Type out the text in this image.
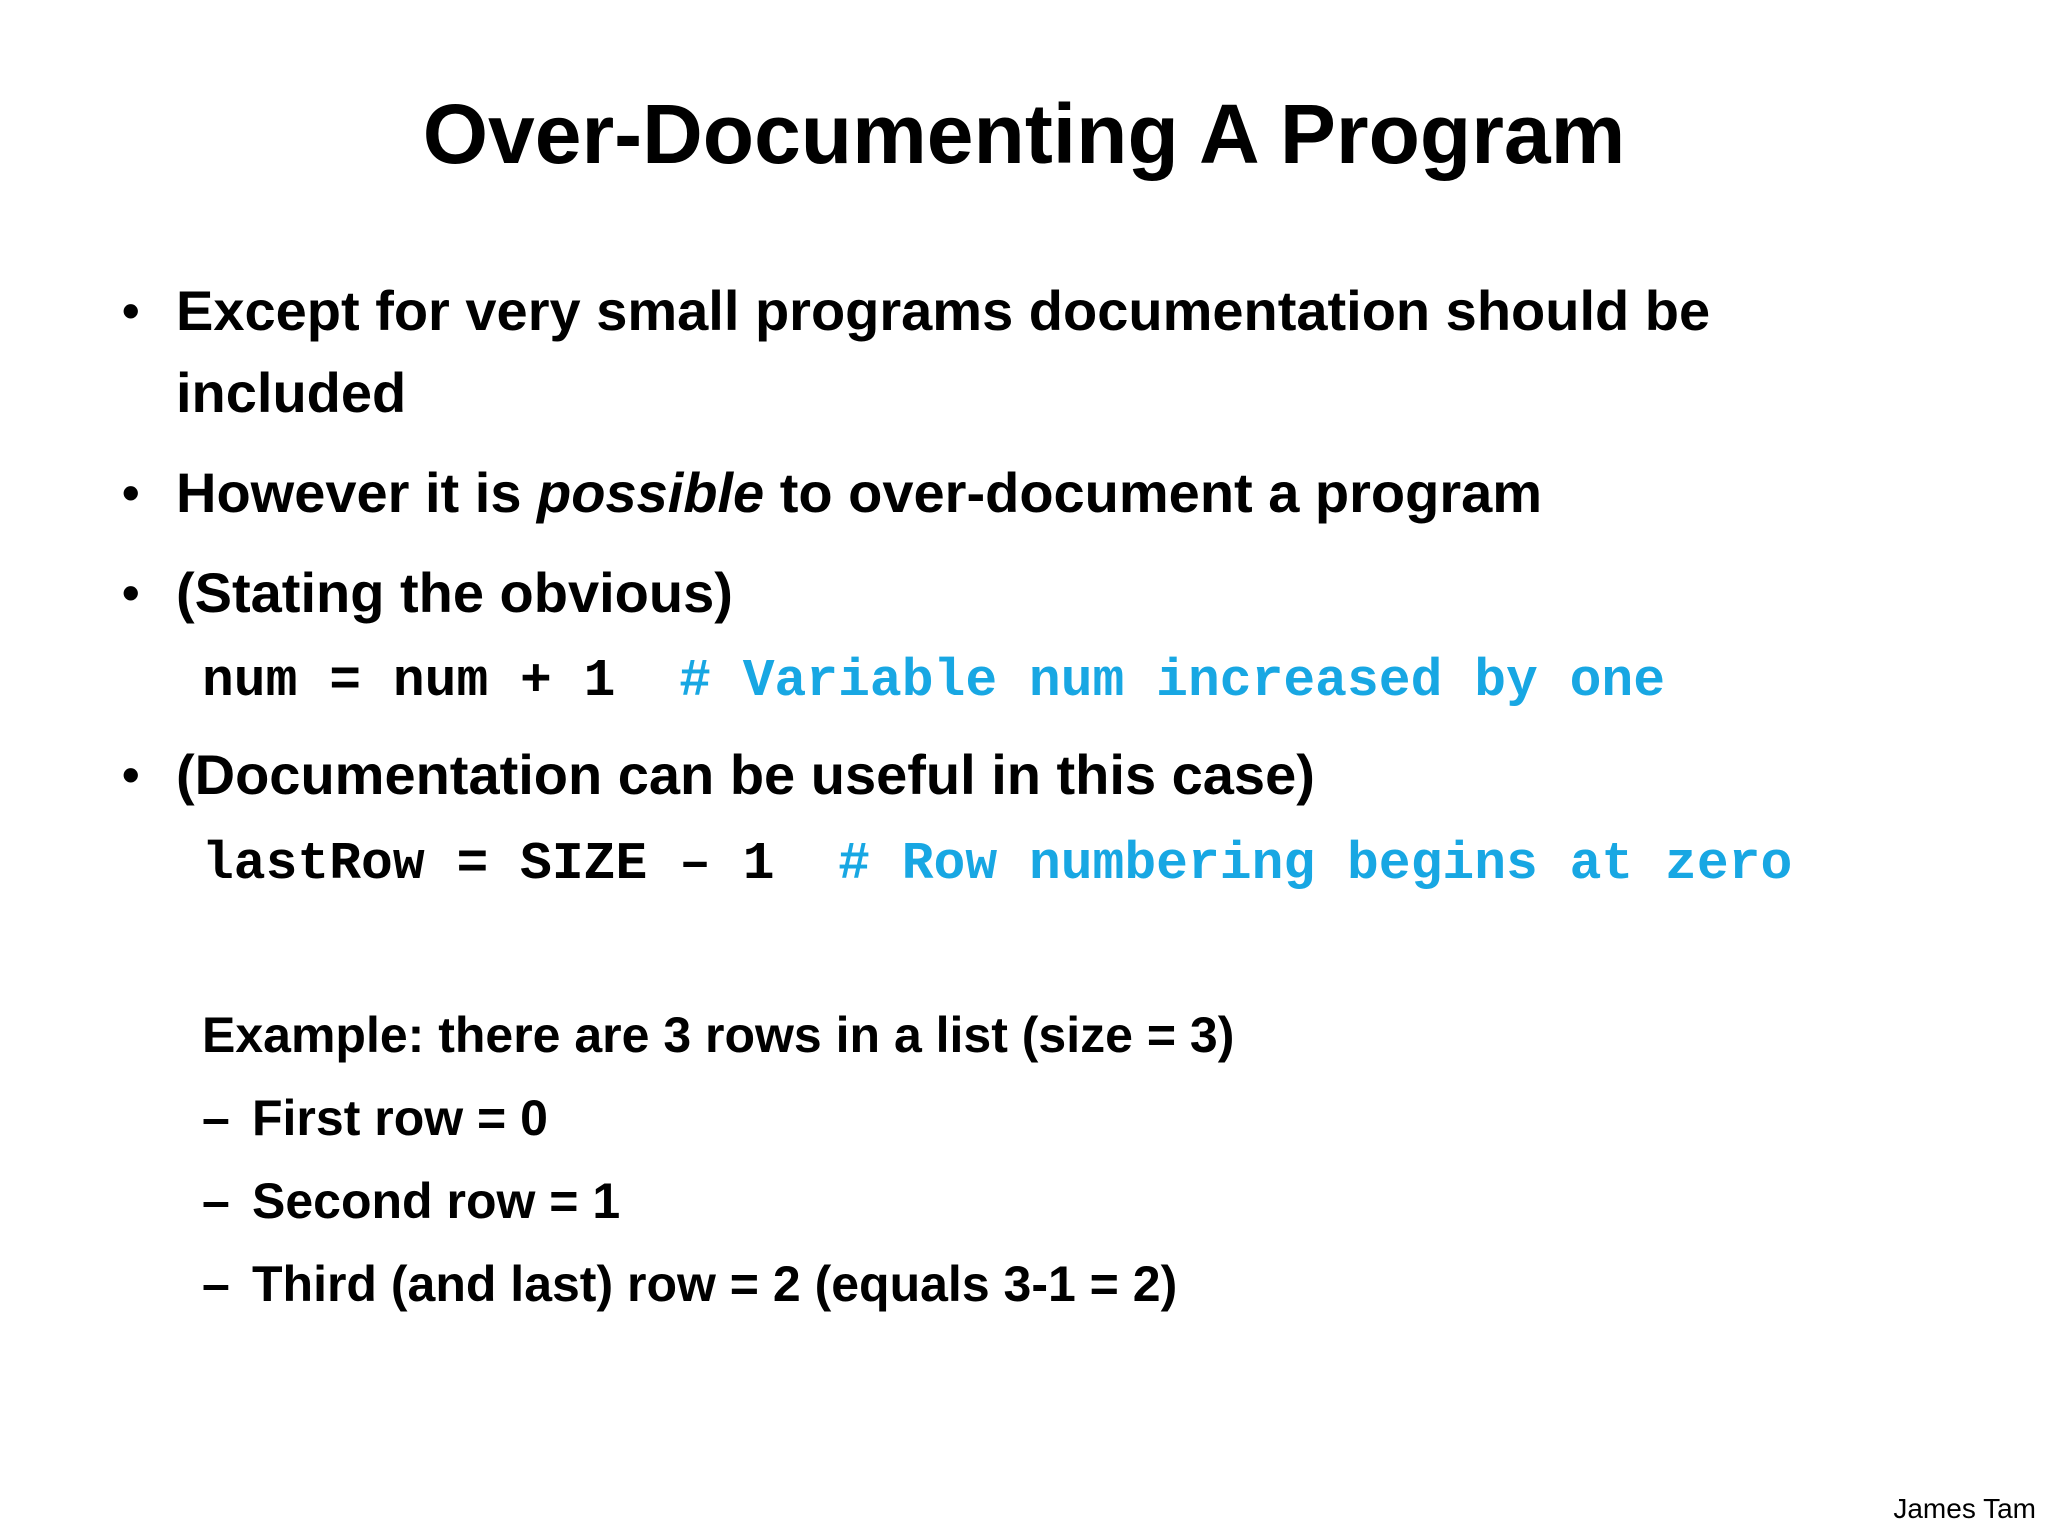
Over-Documenting A Program
• Except for very small programs documentation should be included
• However it is possible to over-document a program
• (Stating the obvious)
num = num + 1  # Variable num increased by one
• (Documentation can be useful in this case)
lastRow = SIZE – 1  # Row numbering begins at zero
Example: there are 3 rows in a list (size = 3)
– First row = 0
– Second row = 1
– Third (and last) row = 2 (equals 3-1 = 2)
James Tam
